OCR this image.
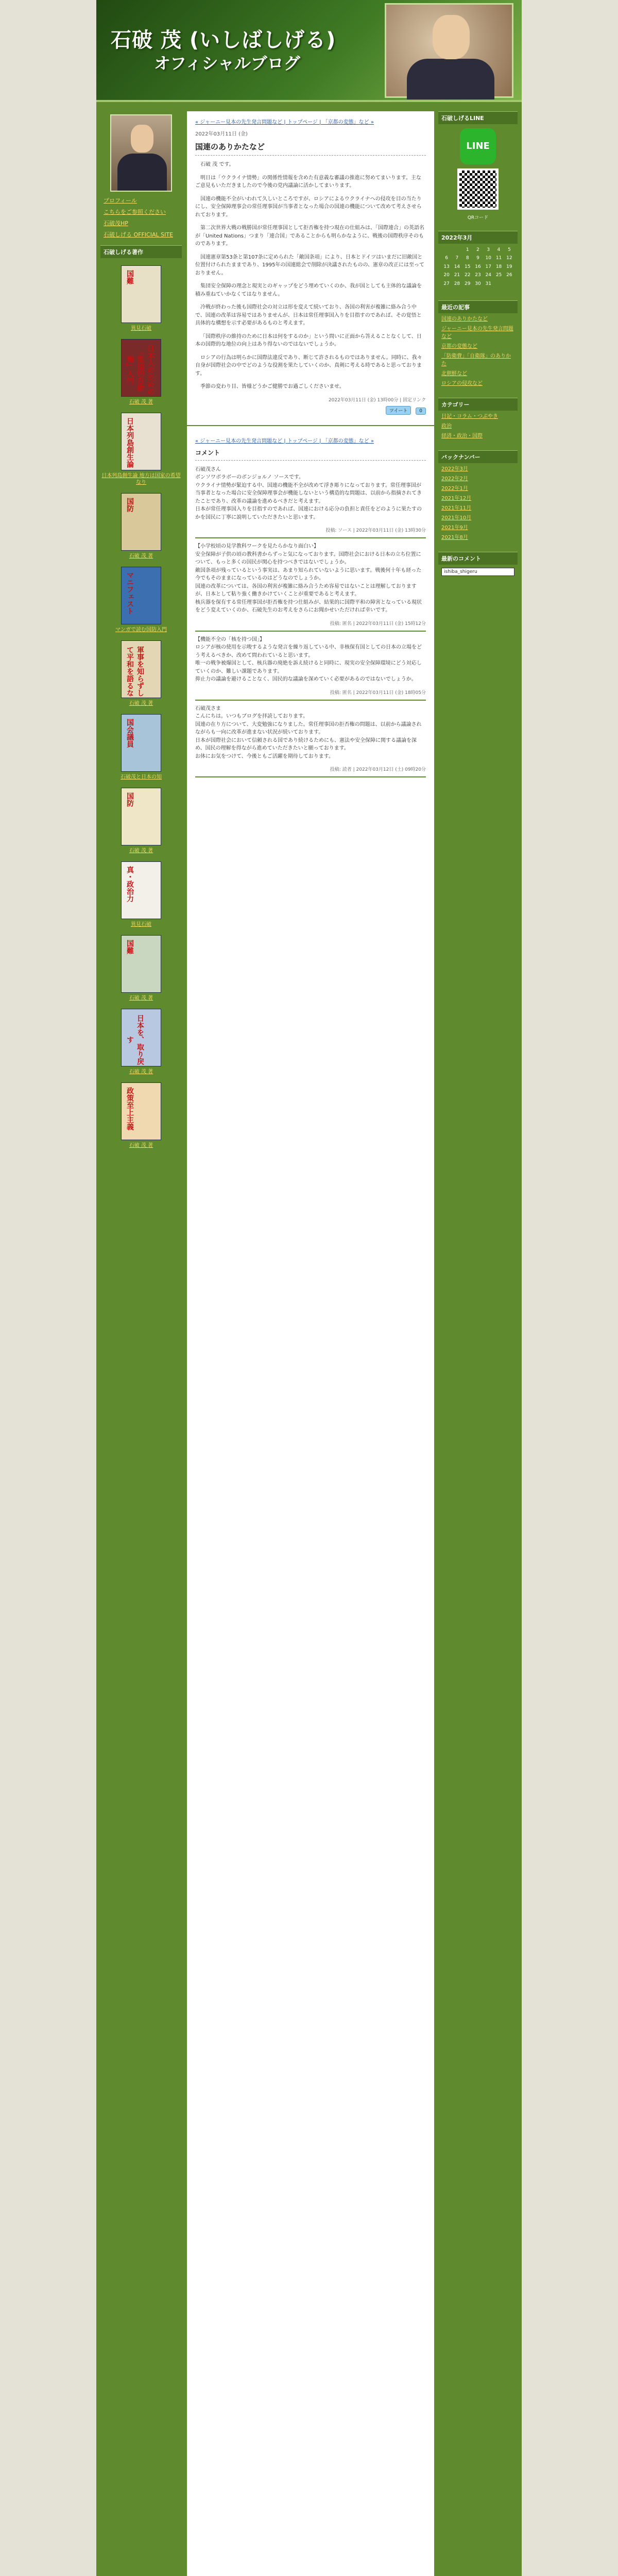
石破 茂 (いしばしげる)
オフィシャルブログ
プロフィール
こちらをご参照ください
石破茂HP
石破しげる OFFICIAL SITE
石破しげる著作
国難
異見石破
日本人のための「集団的自衛権」入門
石破 茂 著
日本列島創生論
日本列島創生論 地方は国家の希望なり
国防
石破 茂 著
マニフェスト
マンガで読む国防入門
軍事を知らずして平和を語るな
石破 茂 著
国会議員
石破茂と日本の知
国防
石破 茂 著
真・政治力
異見石破
国難
石破 茂 著
日本を、取り戻す
石破 茂 著
政策至上主義
石破 茂 著
« ジャーニー見本の先生発言問題など | トップページ | 「京都の変態」など »
2022年03月11日 (金)
国連のありかたなど

石破 茂 です。

明日は「ウクライナ情勢」の関係性情報を含めた有意義な審議の推進に努めてまいります。主なご意見もいただきましたので今後の党内議論に活かしてまいります。

国連の機能不全がいわれて久しいところですが、ロシアによるウクライナへの侵攻を目の当たりにし、安全保障理事会の常任理事国が当事者となった場合の国連の機能について改めて考えさせられております。

第二次世界大戦の戦勝国が常任理事国として拒否権を持つ現在の仕組みは、「国際連合」の英語名が「United Nations」つまり「連合国」であることからも明らかなように、戦後の国際秩序そのものであります。

国連憲章第53条と第107条に定められた「敵国条項」により、日本とドイツはいまだに旧敵国と位置付けられたままであり、1995年の国連総会で削除が決議されたものの、憲章の改正には至っておりません。

集団安全保障の理念と現実とのギャップをどう埋めていくのか、我が国としても主体的な議論を積み重ねていかなくてはなりません。

冷戦が終わった後も国際社会の対立は形を変えて続いており、各国の利害が複雑に絡み合う中で、国連の改革は容易ではありませんが、日本は常任理事国入りを目指すのであれば、その覚悟と具体的な構想を示す必要があるものと考えます。

「国際秩序の維持のために日本は何をするのか」という問いに正面から答えることなくして、日本の国際的な地位の向上はあり得ないのではないでしょうか。

ロシアの行為は明らかに国際法違反であり、断じて許されるものではありません。同時に、我々自身が国際社会の中でどのような役割を果たしていくのか、真剣に考える時であると思っております。

季節の変わり目、皆様どうかご健勝でお過ごしくださいませ。

2022年03月11日 (金) 13時00分 | 固定リンク
ツイート	0
« ジャーニー見本の先生発言問題など | トップページ | 「京都の変態」など »
コメント
石破茂さん
ボンソワボラボーのボンジョルノ ソースです。
ウクライナ情勢が緊迫する中、国連の機能不全が改めて浮き彫りになっております。常任理事国が当事者となった場合に安全保障理事会が機能しないという構造的な問題は、以前から指摘されてきたことであり、改革の議論を進めるべきだと考えます。
日本が常任理事国入りを目指すのであれば、国連における応分の負担と責任をどのように果たすのかを国民に丁寧に説明していただきたいと思います。
投稿: ソース | 2022年03月11日 (金) 13時30分
【小学校頃の見学教科ワークを見たらかなり面白い】
安全保障が子供の頃の教科書からずっと気になっております。国際社会における日本の立ち位置について、もっと多くの国民が関心を持つべきではないでしょうか。
敵国条項が残っているという事実は、あまり知られていないように思います。戦後何十年も経った今でもそのままになっているのはどうなのでしょうか。
国連の改革については、各国の利害が複雑に絡み合うため容易ではないことは理解しておりますが、日本として粘り強く働きかけていくことが重要であると考えます。
核兵器を保有する常任理事国が拒否権を持つ仕組みが、結果的に国際平和の障害となっている現状をどう変えていくのか、石破先生のお考えをさらにお聞かせいただければ幸いです。
投稿: 匿名 | 2022年03月11日 (金) 15時12分
【機能不全の「核を持つ国」】
ロシアが核の使用を示唆するような発言を繰り返している中、非核保有国としての日本の立場をどう考えるべきか、改めて問われていると思います。
唯一の戦争被爆国として、核兵器の廃絶を訴え続けると同時に、現実の安全保障環境にどう対応していくのか、難しい課題であります。
抑止力の議論を避けることなく、国民的な議論を深めていく必要があるのではないでしょうか。
投稿: 匿名 | 2022年03月11日 (金) 18時05分
石破茂さま
こんにちは。いつもブログを拝読しております。
国連の在り方について、大変勉強になりました。常任理事国の拒否権の問題は、以前から議論されながらも一向に改革が進まない状況が続いております。
日本が国際社会において信頼される国であり続けるためにも、憲法や安全保障に関する議論を深め、国民の理解を得ながら進めていただきたいと願っております。
お体にお気をつけて、今後ともご活躍を期待しております。
投稿: 読者 | 2022年03月12日 (土) 09時20分
石破しげるLINE
LINE
QRコード
2022年3月
		1	2	3	4	5
6	7	8	9	10	11	12
13	14	15	16	17	18	19
20	21	22	23	24	25	26
27	28	29	30	31		
最近の記事
国連のありかたなど
ジャーニー見本の先生発言問題など
京都の変態など
「防衛費」「自衛隊」のありかた
北朝鮮など
ロシアの侵攻など
カテゴリー
日記・コラム・つぶやき
政治
経済・政治・国際
バックナンバー
2022年3月
2022年2月
2022年1月
2021年12月
2021年11月
2021年10月
2021年9月
2021年8月
最新のコメント
ishiba_shigeru
